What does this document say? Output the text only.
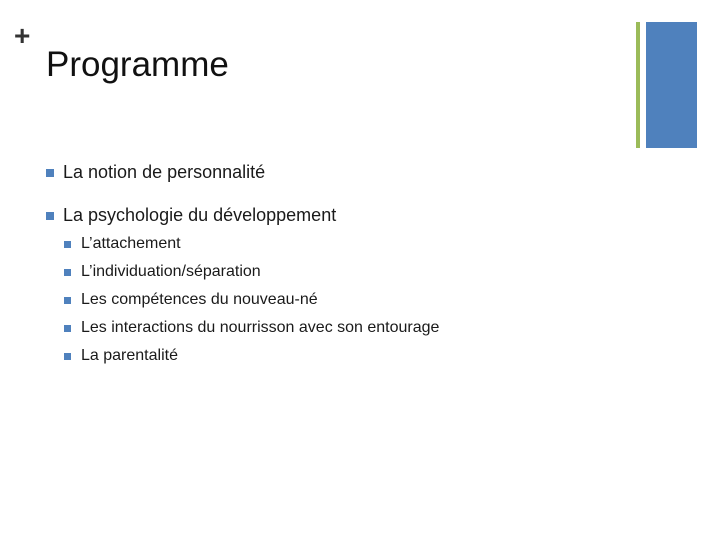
+
Programme
La notion de personnalité
La psychologie du développement
L’attachement
L’individuation/séparation
Les compétences du nouveau-né
Les interactions du nourrisson avec son entourage
La parentalité
